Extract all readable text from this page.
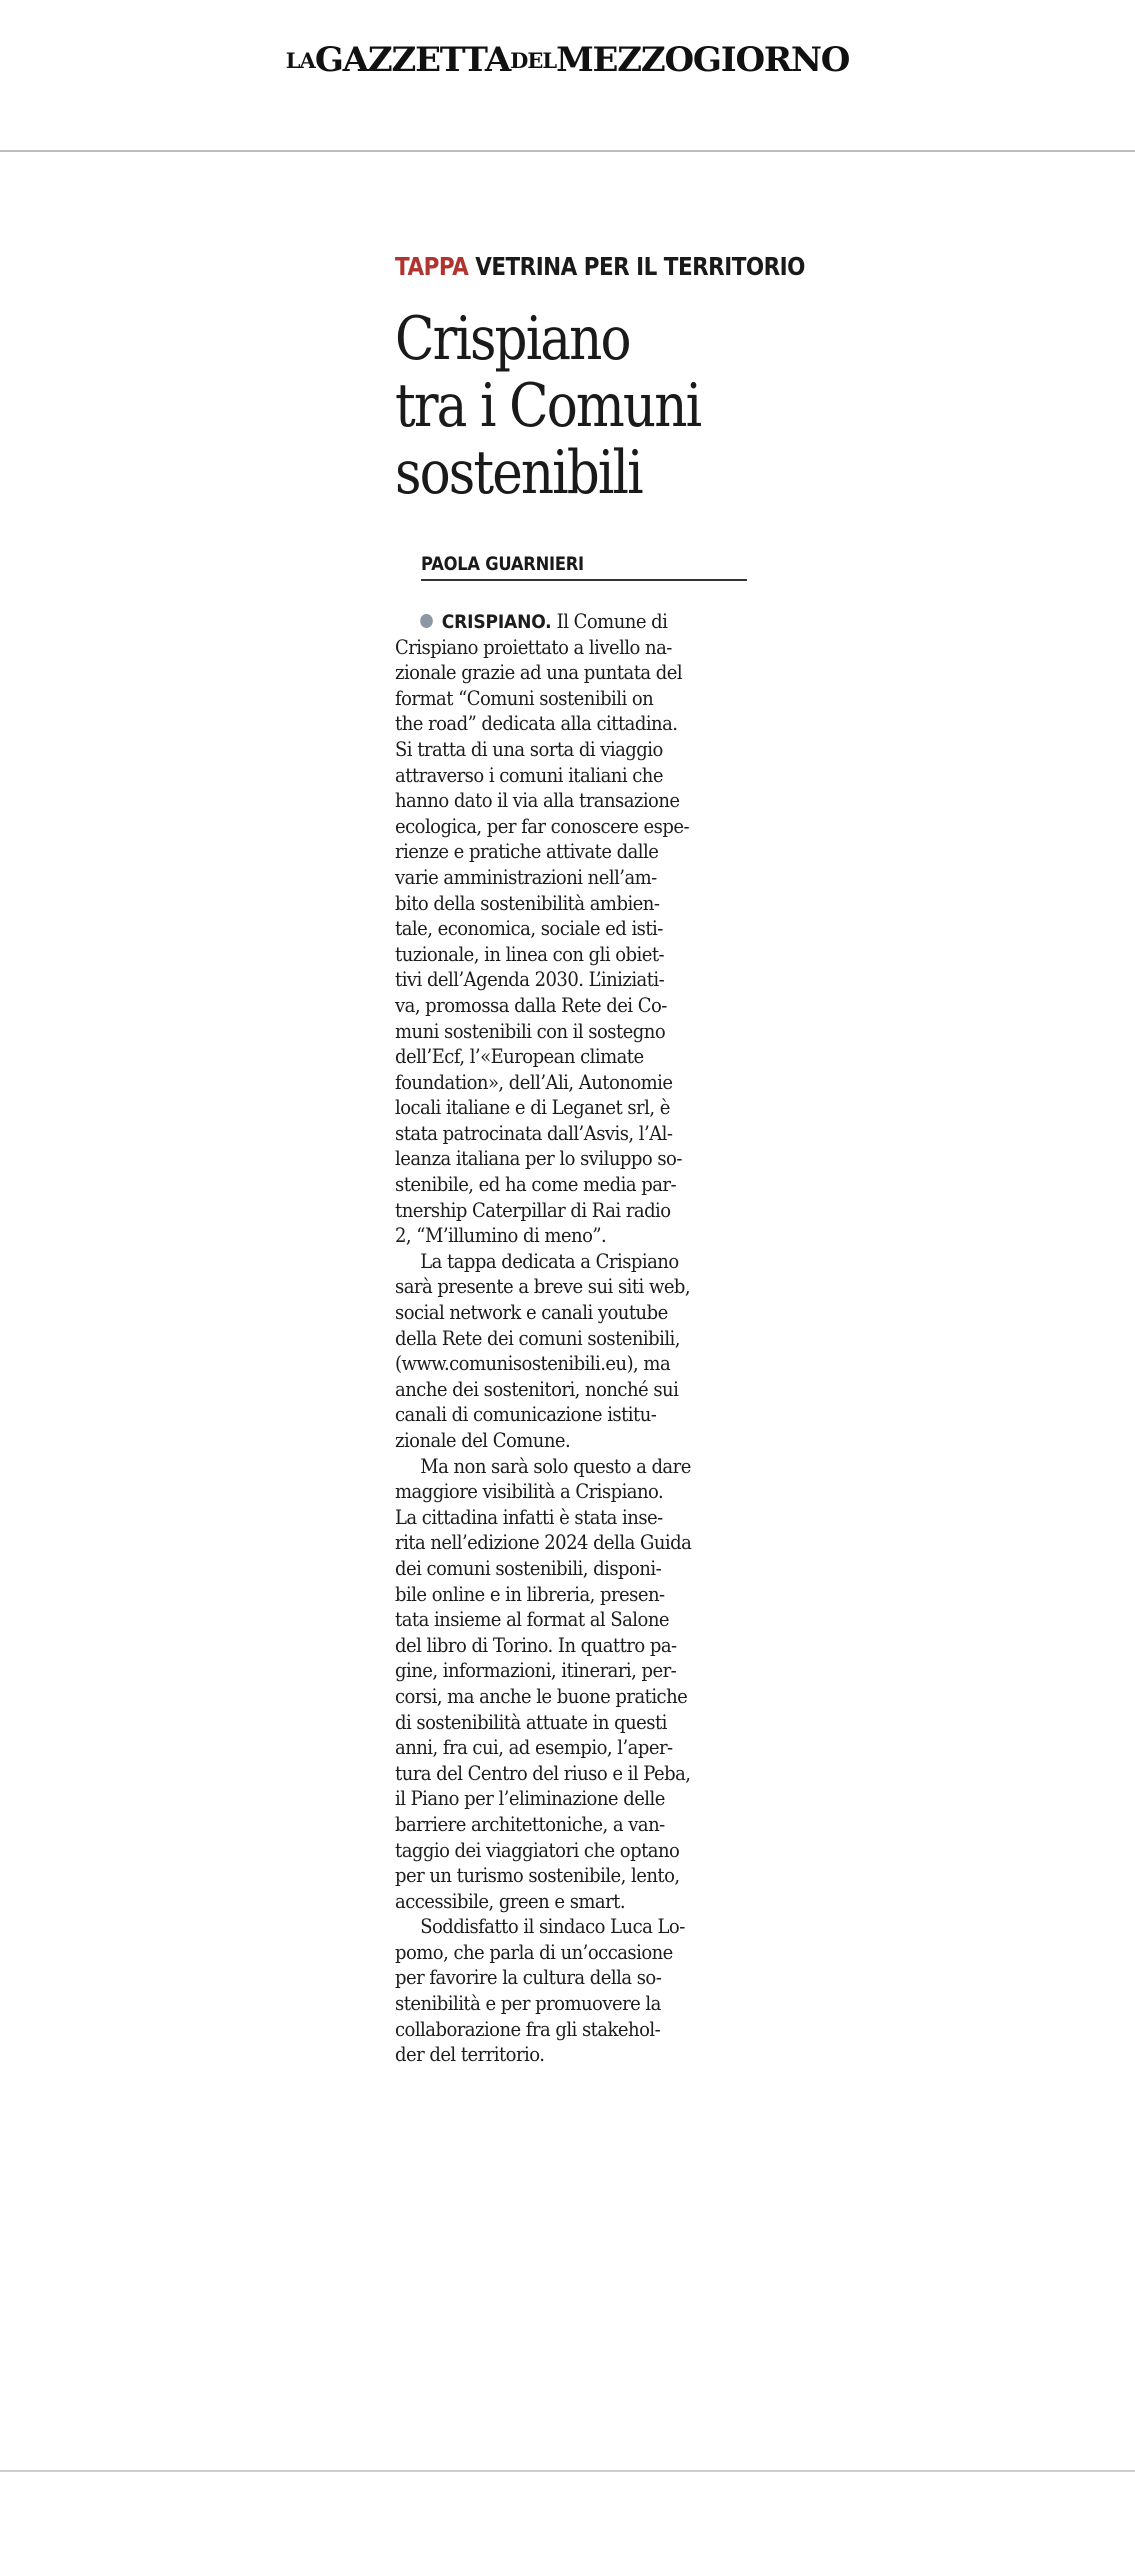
LAGAZZETTADELMEZZOGIORNO
TAPPA VETRINA PER IL TERRITORIO
Crispiano
tra i Comuni
sostenibili
PAOLA GUARNIERI
CRISPIANO. Il Comune di
Crispiano proiettato a livello na-
zionale grazie ad una puntata del
format “Comuni sostenibili on
the road” dedicata alla cittadina.
Si tratta di una sorta di viaggio
attraverso i comuni italiani che
hanno dato il via alla transazione
ecologica, per far conoscere espe-
rienze e pratiche attivate dalle
varie amministrazioni nell’am-
bito della sostenibilità ambien-
tale, economica, sociale ed isti-
tuzionale, in linea con gli obiet-
tivi dell’Agenda 2030. L’iniziati-
va, promossa dalla Rete dei Co-
muni sostenibili con il sostegno
dell’Ecf, l’«European climate
foundation», dell’Ali, Autonomie
locali italiane e di Leganet srl, è
stata patrocinata dall’Asvis, l’Al-
leanza italiana per lo sviluppo so-
stenibile, ed ha come media par-
tnership Caterpillar di Rai radio
2, “M’illumino di meno”.
La tappa dedicata a Crispiano
sarà presente a breve sui siti web,
social network e canali youtube
della Rete dei comuni sostenibili,
(www.comunisostenibili.eu), ma
anche dei sostenitori, nonché sui
canali di comunicazione istitu-
zionale del Comune.
Ma non sarà solo questo a dare
maggiore visibilità a Crispiano.
La cittadina infatti è stata inse-
rita nell’edizione 2024 della Guida
dei comuni sostenibili, disponi-
bile online e in libreria, presen-
tata insieme al format al Salone
del libro di Torino. In quattro pa-
gine, informazioni, itinerari, per-
corsi, ma anche le buone pratiche
di sostenibilità attuate in questi
anni, fra cui, ad esempio, l’aper-
tura del Centro del riuso e il Peba,
il Piano per l’eliminazione delle
barriere architettoniche, a van-
taggio dei viaggiatori che optano
per un turismo sostenibile, lento,
accessibile, green e smart.
Soddisfatto il sindaco Luca Lo-
pomo, che parla di un’occasione
per favorire la cultura della so-
stenibilità e per promuovere la
collaborazione fra gli stakehol-
der del territorio.
